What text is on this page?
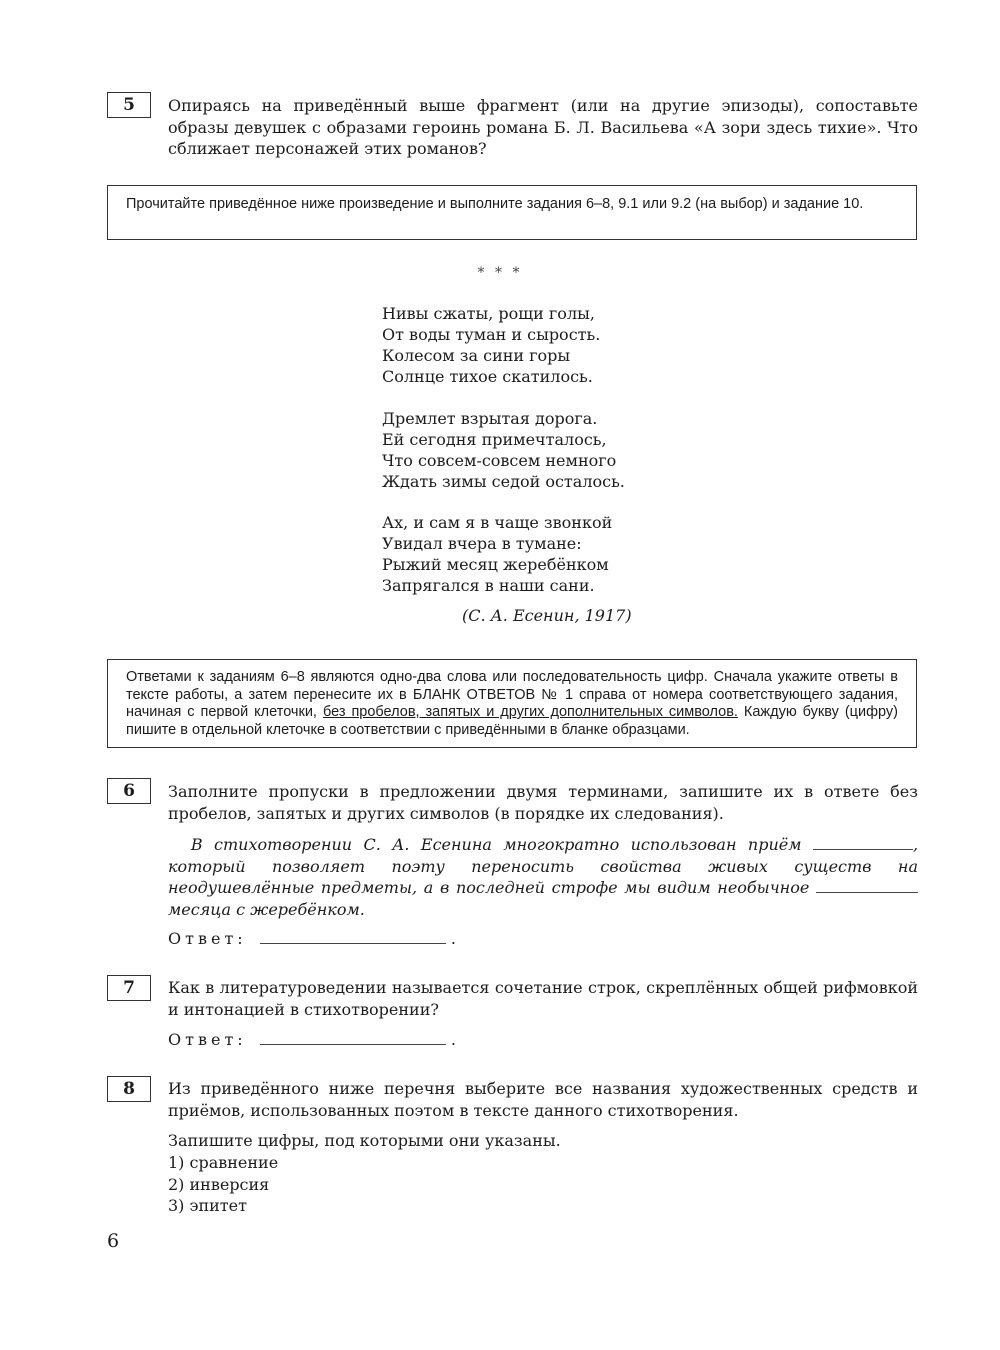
5	Опираясь на приведённый выше фрагмент (или на другие эпизоды), сопоставьте образы девушек с образами героинь романа Б. Л. Васильева «А зори здесь тихие». Что сближает персонажей этих романов?
Прочитайте приведённое ниже произведение и выполните задания 6–8, 9.1 или 9.2 (на выбор) и задание 10.
* * *
Нивы сжаты, рощи голы,
От воды туман и сырость.
Колесом за сини горы
Солнце тихое скатилось.
Дремлет взрытая дорога.
Ей сегодня примечталось,
Что совсем-совсем немного
Ждать зимы седой осталось.
Ах, и сам я в чаще звонкой
Увидал вчера в тумане:
Рыжий месяц жеребёнком
Запрягался в наши сани.
(С. А. Есенин, 1917)
Ответами к заданиям 6–8 являются одно-два слова или последовательность цифр. Сначала укажите ответы в тексте работы, а затем перенесите их в БЛАНК ОТВЕТОВ № 1 справа от номера соответствующего задания, начиная с первой клеточки, без пробелов, запятых и других дополнительных символов. Каждую букву (цифру) пишите в отдельной клеточке в соответствии с приведёнными в бланке образцами.
6	Заполните пропуски в предложении двумя терминами, запишите их в ответе без пробелов, запятых и других символов (в порядке их следования).
В стихотворении С. А. Есенина многократно использован приём	, который позволяет поэту переносить свойства живых существ на неодушевлённые предметы, а в последней строфе мы видим необычное  месяца с жеребёнком.
Ответ:	.
7	Как в литературоведении называется сочетание строк, скреплённых общей рифмовкой и интонацией в стихотворении?
Ответ:	.
8	Из приведённого ниже перечня выберите все названия художественных средств и приёмов, использованных поэтом в тексте данного стихотворения.
Запишите цифры, под которыми они указаны.
1) сравнение
2) инверсия
3) эпитет
6
